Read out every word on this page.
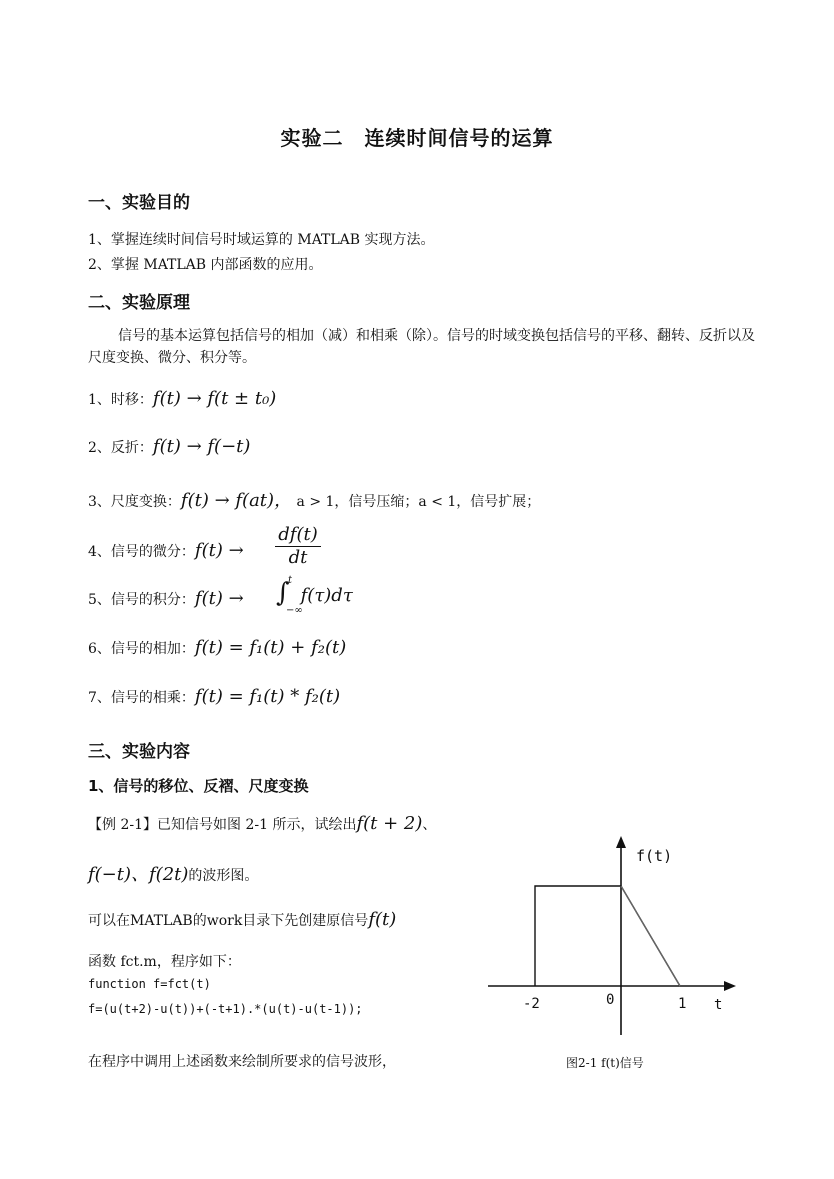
实验二　连续时间信号的运算
一、实验目的
1、掌握连续时间信号时域运算的 MATLAB 实现方法。
2、掌握 MATLAB 内部函数的应用。
二、实验原理
信号的基本运算包括信号的相加（减）和相乘（除）。信号的时域变换包括信号的平移、翻转、反折以及尺度变换、微分、积分等。
1、时移：f(t) → f(t ± t₀)
2、反折：f(t) → f(−t)
3、尺度变换：f(t) → f(at)， a > 1，信号压缩；a < 1，信号扩展；
4、信号的微分：$f(t) \to \frac{df(t)}{dt}$
5、信号的积分：f(t) → ∫
t
−∞
f(τ)dτ
6、信号的相加：f(t) = f₁(t) + f₂(t)
7、信号的相乘：f(t) = f₁(t) * f₂(t)
三、实验内容
1、信号的移位、反褶、尺度变换
【例 2-1】已知信号如图 2-1 所示，试绘出f(t + 2)、
f(−t)、f(2t)的波形图。
可以在MATLAB的work目录下先创建原信号f(t)
函数 fct.m，程序如下：
function f=fct(t)
f=(u(t+2)-u(t))+(-t+1).*(u(t)-u(t-1));
在程序中调用上述函数来绘制所要求的信号波形，
f(t)
t
-2	0	1
图2-1 f(t)信号
